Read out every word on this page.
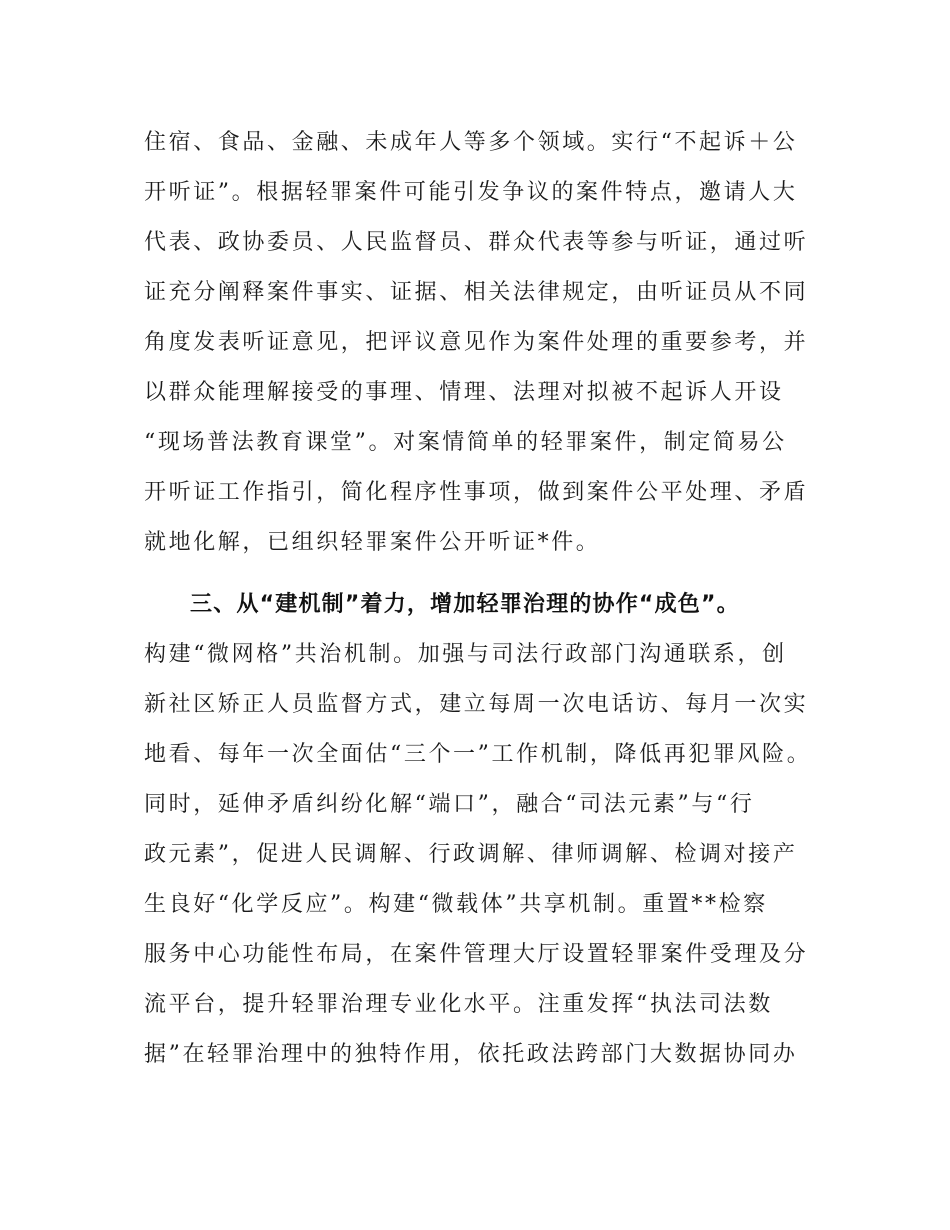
住宿、食品、金融、未成年人等多个领域。实行“不起诉＋公
开听证”。根据轻罪案件可能引发争议的案件特点，邀请人大
代表、政协委员、人民监督员、群众代表等参与听证，通过听
证充分阐释案件事实、证据、相关法律规定，由听证员从不同
角度发表听证意见，把评议意见作为案件处理的重要参考，并
以群众能理解接受的事理、情理、法理对拟被不起诉人开设
“现场普法教育课堂”。对案情简单的轻罪案件，制定简易公
开听证工作指引，简化程序性事项，做到案件公平处理、矛盾
就地化解，已组织轻罪案件公开听证*件。
三、从“建机制”着力，增加轻罪治理的协作“成色”。
构建“微网格”共治机制。加强与司法行政部门沟通联系，创
新社区矫正人员监督方式，建立每周一次电话访、每月一次实
地看、每年一次全面估“三个一”工作机制，降低再犯罪风险。
同时，延伸矛盾纠纷化解“端口”，融合“司法元素”与“行
政元素”，促进人民调解、行政调解、律师调解、检调对接产
生良好“化学反应”。构建“微载体”共享机制。重置**检察
服务中心功能性布局，在案件管理大厅设置轻罪案件受理及分
流平台，提升轻罪治理专业化水平。注重发挥“执法司法数
据”在轻罪治理中的独特作用，依托政法跨部门大数据协同办
